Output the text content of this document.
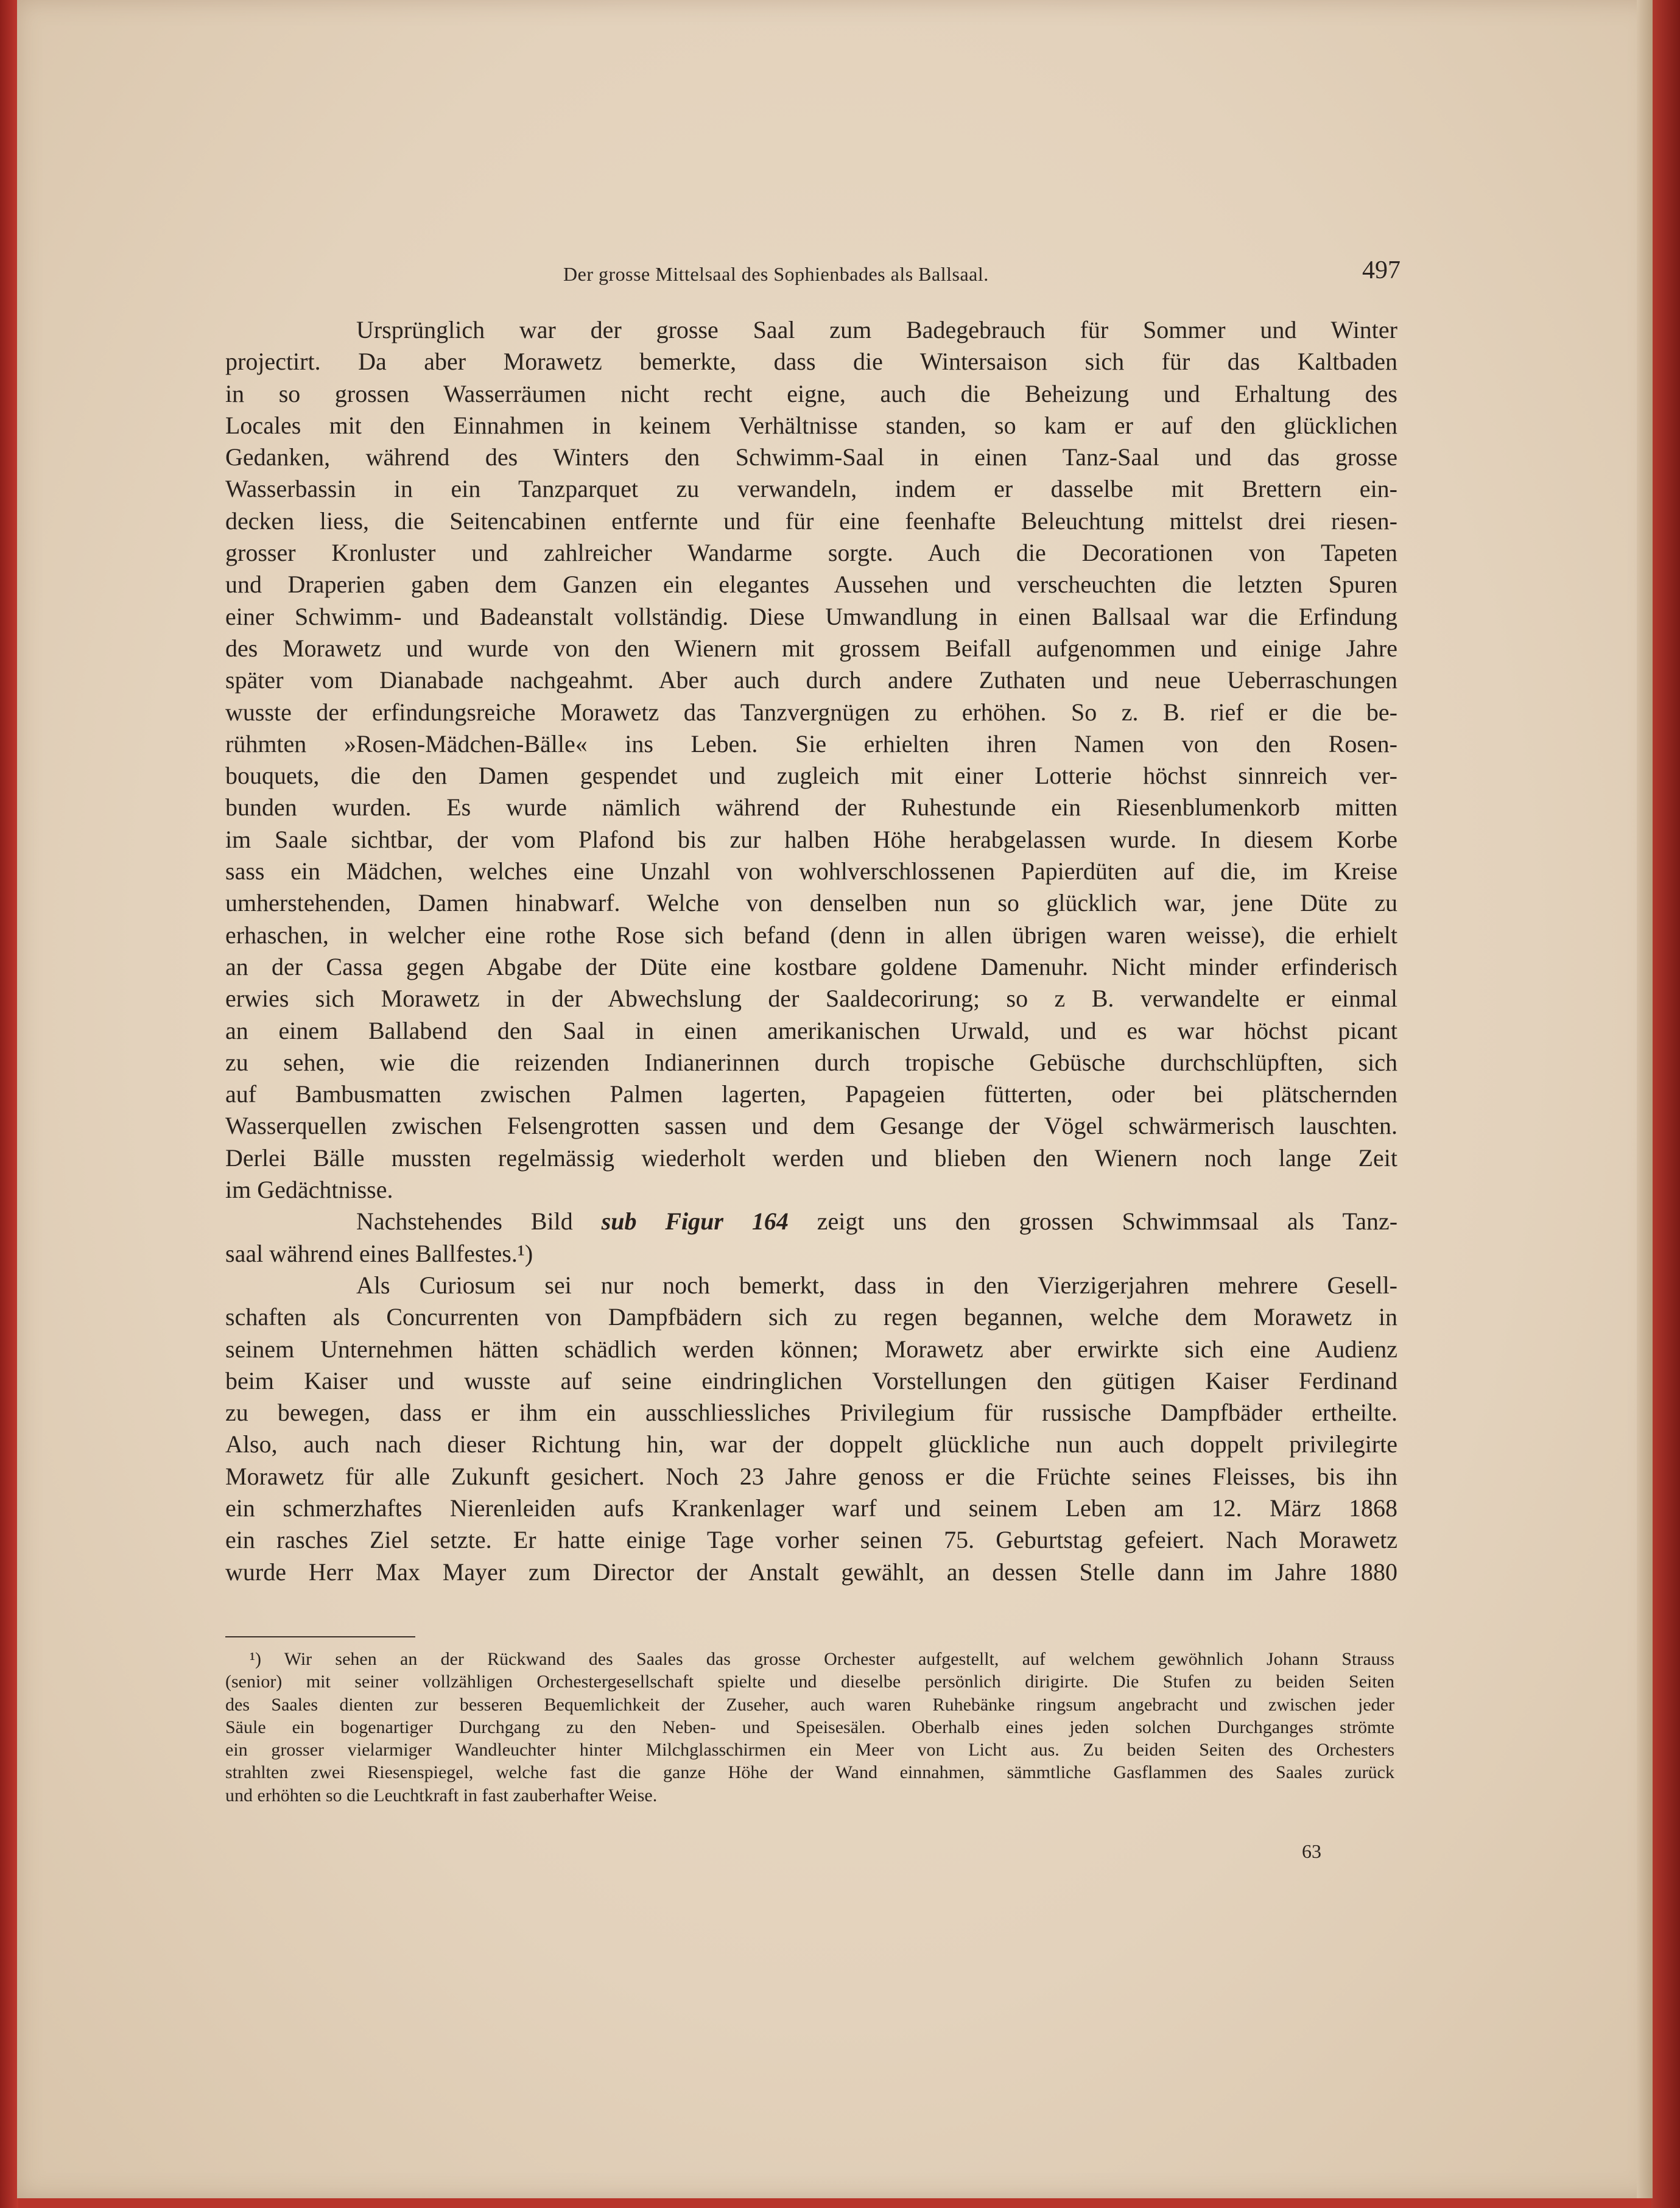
Der grosse Mittelsaal des Sophienbades als Ballsaal.	497
Ursprünglich war der grosse Saal zum Badegebrauch für Sommer und Winter
projectirt. Da aber Morawetz bemerkte, dass die Wintersaison sich für das Kaltbaden
in so grossen Wasserräumen nicht recht eigne, auch die Beheizung und Erhaltung des
Locales mit den Einnahmen in keinem Verhältnisse standen, so kam er auf den glücklichen
Gedanken, während des Winters den Schwimm-Saal in einen Tanz-Saal und das grosse
Wasserbassin in ein Tanzparquet zu verwandeln, indem er dasselbe mit Brettern ein-
decken liess, die Seitencabinen entfernte und für eine feenhafte Beleuchtung mittelst drei riesen-
grosser Kronluster und zahlreicher Wandarme sorgte. Auch die Decorationen von Tapeten
und Draperien gaben dem Ganzen ein elegantes Aussehen und verscheuchten die letzten Spuren
einer Schwimm- und Badeanstalt vollständig. Diese Umwandlung in einen Ballsaal war die Erfindung
des Morawetz und wurde von den Wienern mit grossem Beifall aufgenommen und einige Jahre
später vom Dianabade nachgeahmt. Aber auch durch andere Zuthaten und neue Ueberraschungen
wusste der erfindungsreiche Morawetz das Tanzvergnügen zu erhöhen. So z. B. rief er die be-
rühmten »Rosen-Mädchen-Bälle« ins Leben. Sie erhielten ihren Namen von den Rosen-
bouquets, die den Damen gespendet und zugleich mit einer Lotterie höchst sinnreich ver-
bunden wurden. Es wurde nämlich während der Ruhestunde ein Riesenblumenkorb mitten
im Saale sichtbar, der vom Plafond bis zur halben Höhe herabgelassen wurde. In diesem Korbe
sass ein Mädchen, welches eine Unzahl von wohlverschlossenen Papierdüten auf die, im Kreise
umherstehenden, Damen hinabwarf. Welche von denselben nun so glücklich war, jene Düte zu
erhaschen, in welcher eine rothe Rose sich befand (denn in allen übrigen waren weisse), die erhielt
an der Cassa gegen Abgabe der Düte eine kostbare goldene Damenuhr. Nicht minder erfinderisch
erwies sich Morawetz in der Abwechslung der Saaldecorirung; so z B. verwandelte er einmal
an einem Ballabend den Saal in einen amerikanischen Urwald, und es war höchst picant
zu sehen, wie die reizenden Indianerinnen durch tropische Gebüsche durchschlüpften, sich
auf Bambusmatten zwischen Palmen lagerten, Papageien fütterten, oder bei plätschernden
Wasserquellen zwischen Felsengrotten sassen und dem Gesange der Vögel schwärmerisch lauschten.
Derlei Bälle mussten regelmässig wiederholt werden und blieben den Wienern noch lange Zeit
im Gedächtnisse.
Nachstehendes Bild sub Figur 164 zeigt uns den grossen Schwimmsaal als Tanz-
saal während eines Ballfestes.¹)
Als Curiosum sei nur noch bemerkt, dass in den Vierzigerjahren mehrere Gesell-
schaften als Concurrenten von Dampfbädern sich zu regen begannen, welche dem Morawetz in
seinem Unternehmen hätten schädlich werden können; Morawetz aber erwirkte sich eine Audienz
beim Kaiser und wusste auf seine eindringlichen Vorstellungen den gütigen Kaiser Ferdinand
zu bewegen, dass er ihm ein ausschliessliches Privilegium für russische Dampfbäder ertheilte.
Also, auch nach dieser Richtung hin, war der doppelt glückliche nun auch doppelt privilegirte
Morawetz für alle Zukunft gesichert. Noch 23 Jahre genoss er die Früchte seines Fleisses, bis ihn
ein schmerzhaftes Nierenleiden aufs Krankenlager warf und seinem Leben am 12. März 1868
ein rasches Ziel setzte. Er hatte einige Tage vorher seinen 75. Geburtstag gefeiert. Nach Morawetz
wurde Herr Max Mayer zum Director der Anstalt gewählt, an dessen Stelle dann im Jahre 1880
¹) Wir sehen an der Rückwand des Saales das grosse Orchester aufgestellt, auf welchem gewöhnlich Johann Strauss
(senior) mit seiner vollzähligen Orchestergesellschaft spielte und dieselbe persönlich dirigirte. Die Stufen zu beiden Seiten
des Saales dienten zur besseren Bequemlichkeit der Zuseher, auch waren Ruhebänke ringsum angebracht und zwischen jeder
Säule ein bogenartiger Durchgang zu den Neben- und Speisesälen. Oberhalb eines jeden solchen Durchganges strömte
ein grosser vielarmiger Wandleuchter hinter Milchglasschirmen ein Meer von Licht aus. Zu beiden Seiten des Orchesters
strahlten zwei Riesenspiegel, welche fast die ganze Höhe der Wand einnahmen, sämmtliche Gasflammen des Saales zurück
und erhöhten so die Leuchtkraft in fast zauberhafter Weise.
63
